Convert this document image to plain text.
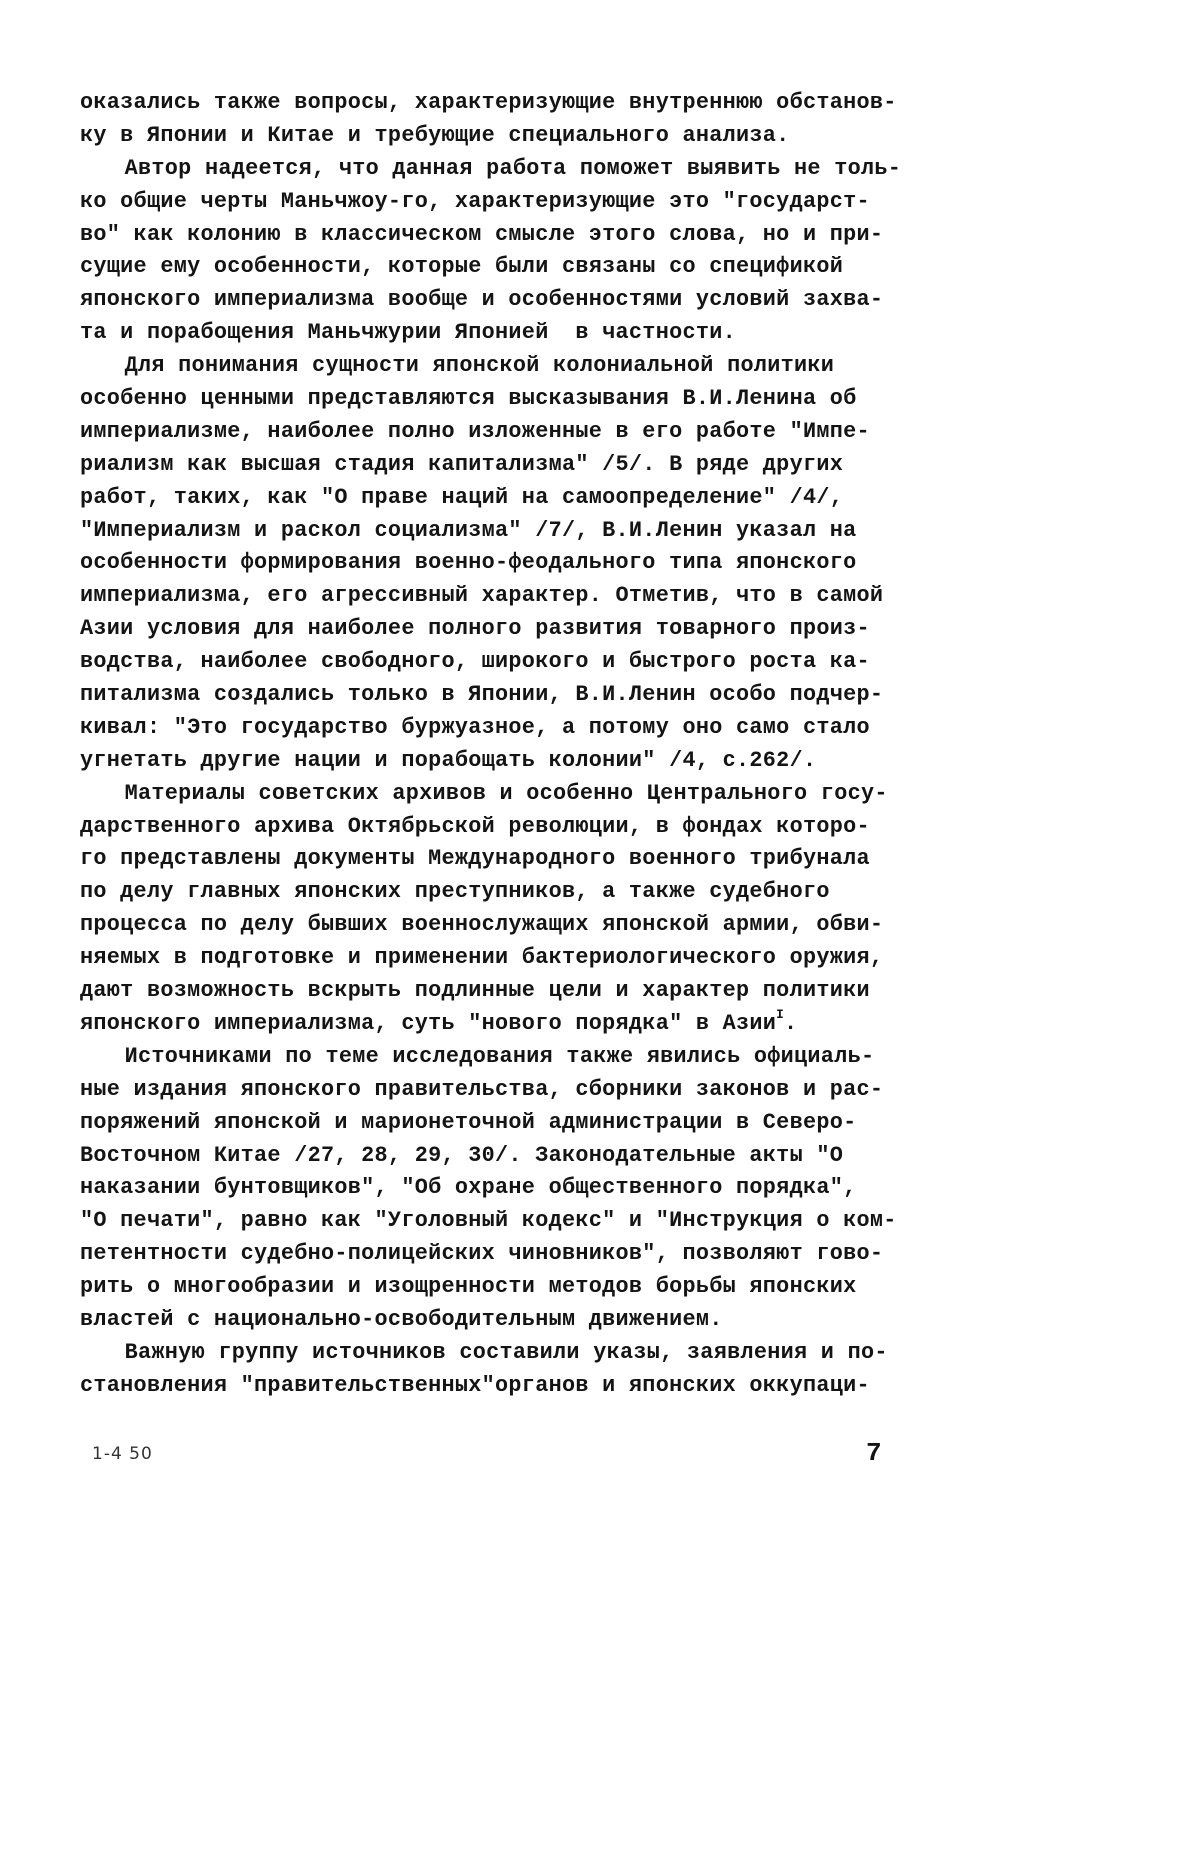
оказались также вопросы, характеризующие внутреннюю обстанов-
ку в Японии и Китае и требующие специального анализа.
Автор надеется, что данная работа поможет выявить не толь-
ко общие черты Маньчжоу-го, характеризующие это "государст-
во" как колонию в классическом смысле этого слова, но и при-
сущие ему особенности, которые были связаны со спецификой
японского империализма вообще и особенностями условий захва-
та и порабощения Маньчжурии Японией  в частности.
Для понимания сущности японской колониальной политики
особенно ценными представляются высказывания В.И.Ленина об
империализме, наиболее полно изложенные в его работе "Импе-
риализм как высшая стадия капитализма" /5/. В ряде других
работ, таких, как "О праве наций на самоопределение" /4/,
"Империализм и раскол социализма" /7/, В.И.Ленин указал на
особенности формирования военно-феодального типа японского
империализма, его агрессивный характер. Отметив, что в самой
Азии условия для наиболее полного развития товарного произ-
водства, наиболее свободного, широкого и быстрого роста ка-
питализма создались только в Японии, В.И.Ленин особо подчер-
кивал: "Это государство буржуазное, а потому оно само стало
угнетать другие нации и порабощать колонии" /4, с.262/.
Материалы советских архивов и особенно Центрального госу-
дарственного архива Октябрьской революции, в фондах которо-
го представлены документы Международного военного трибунала
по делу главных японских преступников, а также судебного
процесса по делу бывших военнослужащих японской армии, обви-
няемых в подготовке и применении бактериологического оружия,
дают возможность вскрыть подлинные цели и характер политики
японского империализма, суть "нового порядка" в Азии$^I$.
Источниками по теме исследования также явились официаль-
ные издания японского правительства, сборники законов и рас-
поряжений японской и марионеточной администрации в Северо-
Восточном Китае /27, 28, 29, 30/. Законодательные акты "О
наказании бунтовщиков", "Об охране общественного порядка",
"О печати", равно как "Уголовный кодекс" и "Инструкция о ком-
петентности судебно-полицейских чиновников", позволяют гово-
рить о многообразии и изощренности методов борьбы японских
властей с национально-освободительным движением.
Важную группу источников составили указы, заявления и по-
становления "правительственных"органов и японских оккупаци-
1-4 50	7
